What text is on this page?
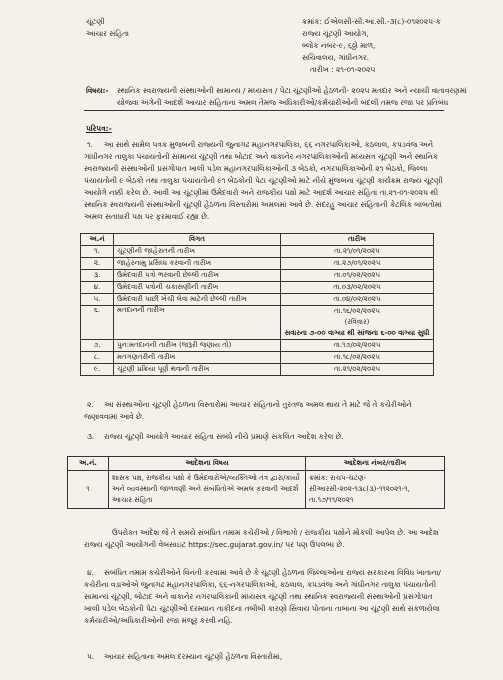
ચૂંટણી
આચાર સંહિતા
ક્રમાંક: ઈએલસી-સી.આ.સી.-૩(૮)-૦૧૨૦૨૫-ક
રાજ્ય ચૂંટણી આયોગ,
બ્લોક નંબર-૯, ૬ઠ્ઠો માળ,
સચિવાલય, ગાંધીનગર.
તારીખ : ૨૧-૦૧-૨૦૨૫
વિષય:- સ્થાનિક સ્વરાજ્યની સંસ્થાઓની સામાન્ય / મધ્યસત્ર / પેટા ચૂંટણીઓ હેઠળની- ૨૦૨૫ મતદાર અને ન્યાયી વાતાવરણમાં
યોજવા અંગેની આદર્શ આચાર સહિતાના અમલ તેમજ અધિકારીઓ/કર્મચારીઓની બદલી તમજ રજા પર પ્રતિબંધ
પરિપત્ર:-
૧.	આ સાથે સામેલ પત્રક મુજબની રાજ્યની જુનાગઢ મહાનગરપાલિકા, ૬૬ નગરપાલિકાઓ, કઠલાલ, કપડવંજ અને ગાંધીનગર તાલુકા પંચાયતોની સામાન્ય ચૂંટણી તથા બોટાદ અને વાકાનેર નગરપાલિકાઓની મધ્યસત્ર ચૂંટણી અને સ્થાનિક સ્વરાજ્યની સંસ્થાઓની પ્રસંગોપાત ખાલી પડેલ મહાનગરપાલિકાઓની ૩ બેઠકો, નગરપાલિકાઓની ૨૧ બેઠકો, જિલ્લા પંચાયતોની ૯ બેઠકો તથા તાલુકા પંચાયતોની ૯૧ બેઠકોની પેટા ચૂંટણીઓ માટે નીચે મુજબના ચૂંટણી કાર્યક્રમ રાજ્ય ચૂંટણી આયોગે નક્કી કરેલ છે. આવી આ ચૂંટણીમાં ઉમેદવારો અને રાજકીય પક્ષો માટે આદર્શ આચાર સંહિતા તા.૨૧-૦૧-૨૦૨૫ થી સ્થાનિક સ્વરાજ્યની સંસ્થાઓની ચૂંટણી હેઠળના વિસ્તારોમાં અમલમાં આવે છે. સદરહુ આચાર સંહિતાની કેટલિક બાબતોમાં અમલ સતાધારી પક્ષ પર ફરમાવાઈ રહ્યા છે.
અ.નં	વિગત	તારીખ
૧.	ચૂંટણીની જાહેરાતની તારીખ	તા.૨૧/૦૧/૨૦૨૫
૨.	જાહેરનામુ પ્રસિધ્ધ કરવાની તારીખ	તા.૨૭/૦૧/૨૦૨૫
૩.	ઉમેદવારી પત્રો ભરવાની છેલ્લી તારીખ	તા.૦૧/૦૨/૨૦૨૫
૪.	ઉમેદવારી પત્રોની ચકાસણીની તારીખ	તા.૦૩/૦૨/૨૦૨૫
૫.	ઉમેદવારી પાછી ખેંચી લેવા માટેની છેલ્લી તારીખ	તા.૦૪/૦૨/૨૦૨૫
૬.	મતદાનની તારીખ	તા.૧૬/૦૨/૨૦૨૫
(રવિવાર)
સવારના ૭-૦૦ વાગ્યા થી સાંજના ૬-૦૦ વાગ્યા સુધી

૭.	પુન:મતદાનની તારીખ (જરૂરી જણાય તો)	તા.૧૭/૦૨/૨૦૨૫
૮.	મતગણતરીની તારીખ	તા.૧૮/૦૨/૨૦૨૫
૯.	ચૂંટણી પ્રક્રિયા પૂર્ણ થવાની તારીખ	તા.૨૧/૦૨/૨૦૨૫
૨.	આ સંસ્થાઓના ચૂંટણી હેઠળના વિસ્તારોમાં આચાર સંહિતાનો તુરતજ અમલ થાય તે માટે જે તે કચેરીઓને જણાવવામાં આવે છે.
૩. રાજ્ય ચૂંટણી આયોગે આચાર સંહિતા સંબંધે નીચે પ્રમાણે સંકલિત આદેશ કરેલ છે.
અ.નં.	આદેશના વિષય	આદેશના નંબર/તારીખ
૧	શાસક પક્ષ, રાજકીય પક્ષો કે ઉમેદવારોએ/વ્યક્તિઓ તંત્ર દ્વારા/કાર્યો અને વ્યવસ્થાની જાળવણી અને સંબંધિતોએ અમલ કરવાની આદર્શ આચાર સંહિતા	ક્રમાંક: રાચપ-ચટણ-સીઆરસી-૨૦૨-૧૩૮(૩)-૧૧૨૦૨૧-૧, તા.૧૭/૧૧/૨૦૨૧
ઉપરોક્ત આદેશ જે તે સમયે સંબંધિત તમામ કચેરીઓ / વિભાગો / રાજકીય પક્ષોને મોકલી આપેલ છે. આ આદેશ રાજ્ય ચૂંટણી આયોગની વેબસાઇટ https://sec.gujarat.gov.in/ પર પણ ઉપલબ્ધ છે.
૪.	સંબંધિત તમામ કચેરીઓને વિનંતી કરવામાં આવે છે કે ચૂંટણી હેઠળના જિલ્લાઓના રાજ્ય સરકારના વિવિધ ખાતાના/કચેરીના વડાઓએ જુનાગઢ મહાનગરપાલિકા, ૬૬-નગરપાલિકાઓ, કઠલાલ, કપડવંજ અને ગાંધીનગર તાલુકા પંચાયતોની સામાન્ય ચૂંટણી, બોટાદ અને વાકાનેર નગરપાલિકાની મધ્યસત્ર ચૂંટણી તથા સ્થાનિક સ્વરાજ્યની સંસ્થાઓની પ્રસંગોપાત ખાલી પડેલ બેઠકોની પેટા ચૂંટણીઓ દરમ્યાન તાકીદના તબીબી કારણો સિવાય પોતાના તાબાના આ ચૂંટણી સાથે સંકળાયેલા કર્મચારીઓ/અધિકારીઓની રજા મંજૂર કરવી નહિ.
૫. આચાર સહિતાના અમલ દરમ્યાન ચૂંટણી હેઠળના વિસ્તારોમાં,
